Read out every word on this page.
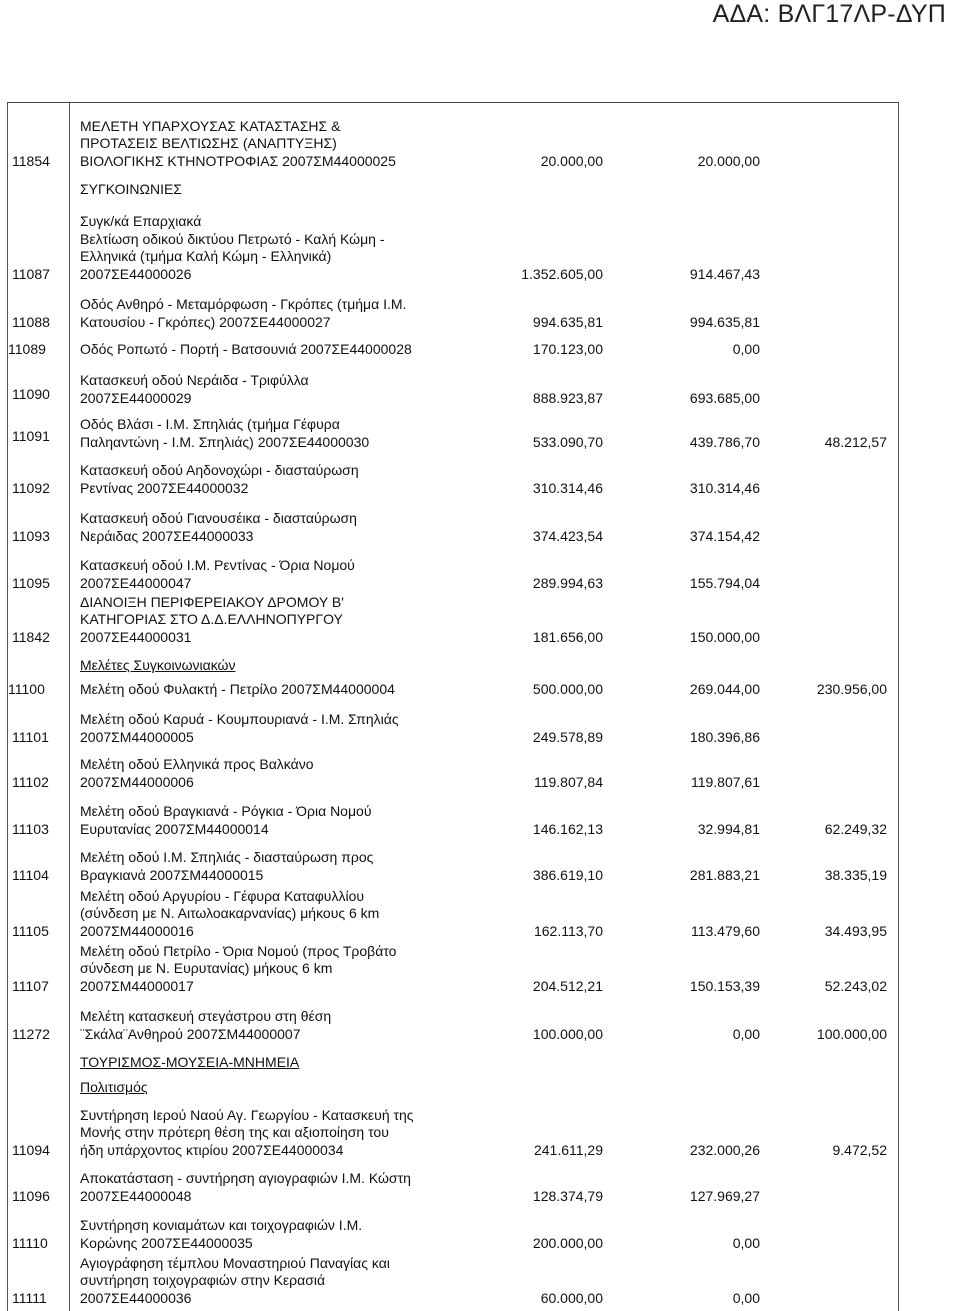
ΑΔΑ: ΒΛΓ17ΛΡ-ΔΥΠ
11854
ΜΕΛΕΤΗ ΥΠΑΡΧΟΥΣΑΣ ΚΑΤΑΣΤΑΣΗΣ &
ΠΡΟΤΑΣΕΙΣ ΒΕΛΤΙΩΣΗΣ (ΑΝΑΠΤΥΞΗΣ)
ΒΙΟΛΟΓΙΚΗΣ ΚΤΗΝΟΤΡΟΦΙΑΣ 2007ΣΜ44000025	20.000,00	20.000,00
ΣΥΓΚΟΙΝΩΝΙΕΣ
11087
Συγκ/κά Επαρχιακά
Βελτίωση οδικού δικτύου Πετρωτό - Καλή Κώμη -
Ελληνικά (τμήμα Καλή Κώμη - Ελληνικά)
2007ΣΕ44000026	1.352.605,00	914.467,43
11088
Οδός Ανθηρό - Μεταμόρφωση - Γκρόπες (τμήμα Ι.Μ.
Κατουσίου - Γκρόπες) 2007ΣΕ44000027	994.635,81	994.635,81
11089	Οδός Ροπωτό - Πορτή - Βατσουνιά 2007ΣΕ44000028	170.123,00	0,00
11090
Κατασκευή οδού Νεράιδα - Τριφύλλα
2007ΣΕ44000029	888.923,87	693.685,00
11091
Οδός Βλάσι - Ι.Μ. Σπηλιάς (τμήμα Γέφυρα
Παληαντώνη - Ι.Μ. Σπηλιάς) 2007ΣΕ44000030	533.090,70	439.786,70	48.212,57
11092
Κατασκευή οδού Αηδονοχώρι - διασταύρωση
Ρεντίνας 2007ΣΕ44000032	310.314,46	310.314,46
11093
Κατασκευή οδού Γιανουσέικα - διασταύρωση
Νεράιδας 2007ΣΕ44000033	374.423,54	374.154,42
11095
Κατασκευή οδού Ι.Μ. Ρεντίνας - Όρια Νομού
2007ΣΕ44000047	289.994,63	155.794,04
11842
ΔΙΑΝΟΙΞΗ ΠΕΡΙΦΕΡΕΙΑΚΟΥ ΔΡΟΜΟΥ Β'
ΚΑΤΗΓΟΡΙΑΣ ΣΤΟ Δ.Δ.ΕΛΛΗΝΟΠΥΡΓΟΥ
2007ΣΕ44000031	181.656,00	150.000,00
Μελέτες Συγκοινωνιακών
11100	Μελέτη οδού Φυλακτή - Πετρίλο 2007ΣΜ44000004	500.000,00	269.044,00	230.956,00
11101
Μελέτη οδού Καρυά - Κουμπουριανά - Ι.Μ. Σπηλιάς
2007ΣΜ44000005	249.578,89	180.396,86
11102
Μελέτη οδού Ελληνικά προς Βαλκάνο
2007ΣΜ44000006	119.807,84	119.807,61
11103
Μελέτη οδού Βραγκιανά - Ρόγκια - Όρια Νομού
Ευρυτανίας 2007ΣΜ44000014	146.162,13	32.994,81	62.249,32
11104
Μελέτη οδού Ι.Μ. Σπηλιάς - διασταύρωση προς
Βραγκιανά 2007ΣΜ44000015	386.619,10	281.883,21	38.335,19
11105
Μελέτη οδού Αργυρίου - Γέφυρα Καταφυλλίου
(σύνδεση με Ν. Αιτωλοακαρνανίας) μήκους 6 km
2007ΣΜ44000016	162.113,70	113.479,60	34.493,95
11107
Μελέτη οδού Πετρίλο - Όρια Νομού (προς Τροβάτο
σύνδεση με Ν. Ευρυτανίας) μήκους 6 km
2007ΣΜ44000017	204.512,21	150.153,39	52.243,02
11272
Μελέτη κατασκευή στεγάστρου στη θέση
¨Σκάλα¨Ανθηρού 2007ΣΜ44000007	100.000,00	0,00	100.000,00
ΤΟΥΡΙΣΜΟΣ-ΜΟΥΣΕΙΑ-ΜΝΗΜΕΙΑ
Πολιτισμός
11094
Συντήρηση Ιερού Ναού Αγ. Γεωργίου - Κατασκευή της
Μονής στην πρότερη θέση της και αξιοποίηση του
ήδη υπάρχοντος κτιρίου 2007ΣΕ44000034	241.611,29	232.000,26	9.472,52
11096
Αποκατάσταση - συντήρηση αγιογραφιών Ι.Μ. Κώστη
2007ΣΕ44000048	128.374,79	127.969,27
11110
Συντήρηση κονιαμάτων και τοιχογραφιών Ι.Μ.
Κορώνης 2007ΣΕ44000035	200.000,00	0,00
11111
Αγιογράφηση τέμπλου Μοναστηριού Παναγίας και
συντήρηση τοιχογραφιών στην Κερασιά
2007ΣΕ44000036	60.000,00	0,00
